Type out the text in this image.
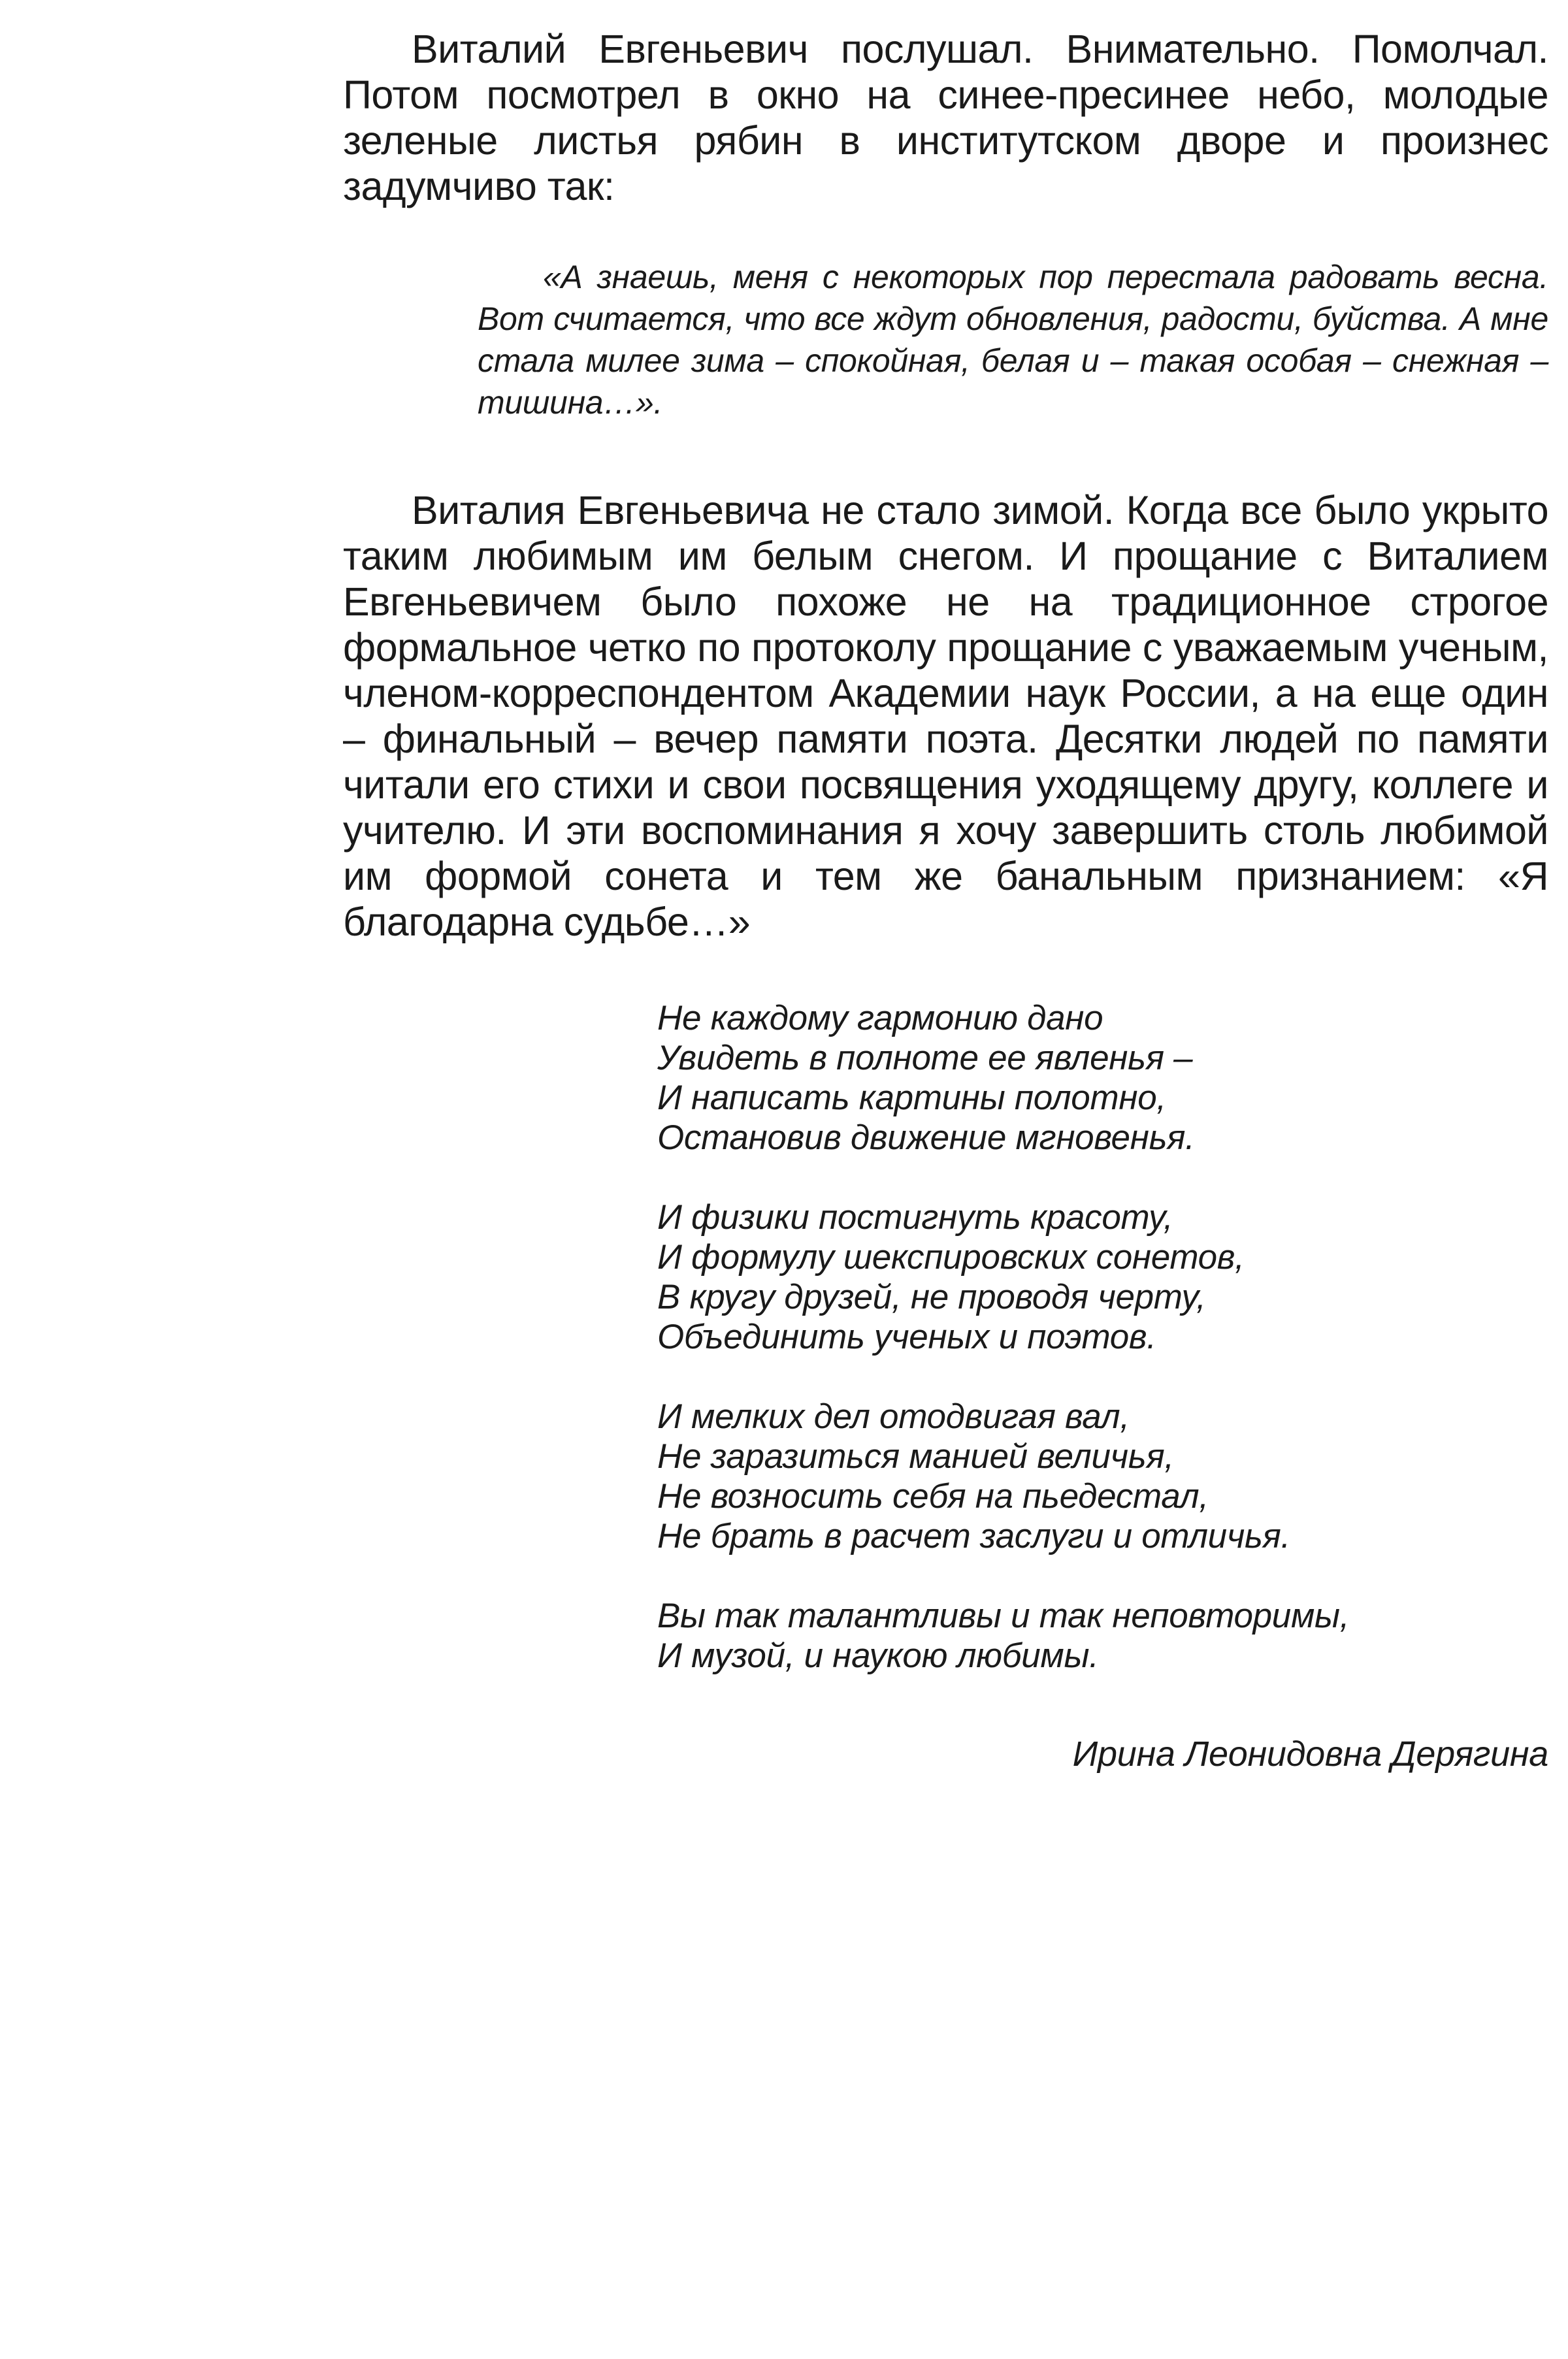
Виталий Евгеньевич послушал. Внимательно. Помолчал. Потом посмотрел в окно на синее-пресинее небо, молодые зеленые листья рябин в институтском дворе и произнес задумчиво так:

«А знаешь, меня с некоторых пор перестала радовать весна. Вот считается, что все ждут обновления, радости, буйства. А мне стала милее зима – спокойная, белая и – такая особая – снежная – тишина…».

Виталия Евгеньевича не стало зимой. Когда все было укрыто таким любимым им белым снегом. И прощание с Виталием Евгеньевичем было похоже не на традиционное строгое формальное четко по протоколу прощание с уважаемым ученым, членом-корреспондентом Академии наук России, а на еще один – финальный – вечер памяти поэта. Десятки людей по памяти читали его стихи и свои посвящения уходящему другу, коллеге и учителю. И эти воспоминания я хочу завершить столь любимой им формой сонета и тем же банальным признанием: «Я благодарна судьбе…»

Не каждому гармонию дано
Увидеть в полноте ее явленья –
И написать картины полотно,
Остановив движение мгновенья.
И физики постигнуть красоту,
И формулу шекспировских сонетов,
В кругу друзей, не проводя черту,
Объединить ученых и поэтов.
И мелких дел отодвигая вал,
Не заразиться манией величья,
Не возносить себя на пьедестал,
Не брать в расчет заслуги и отличья.
Вы так талантливы и так неповторимы,
И музой, и наукою любимы.
Ирина Леонидовна Дерягина
